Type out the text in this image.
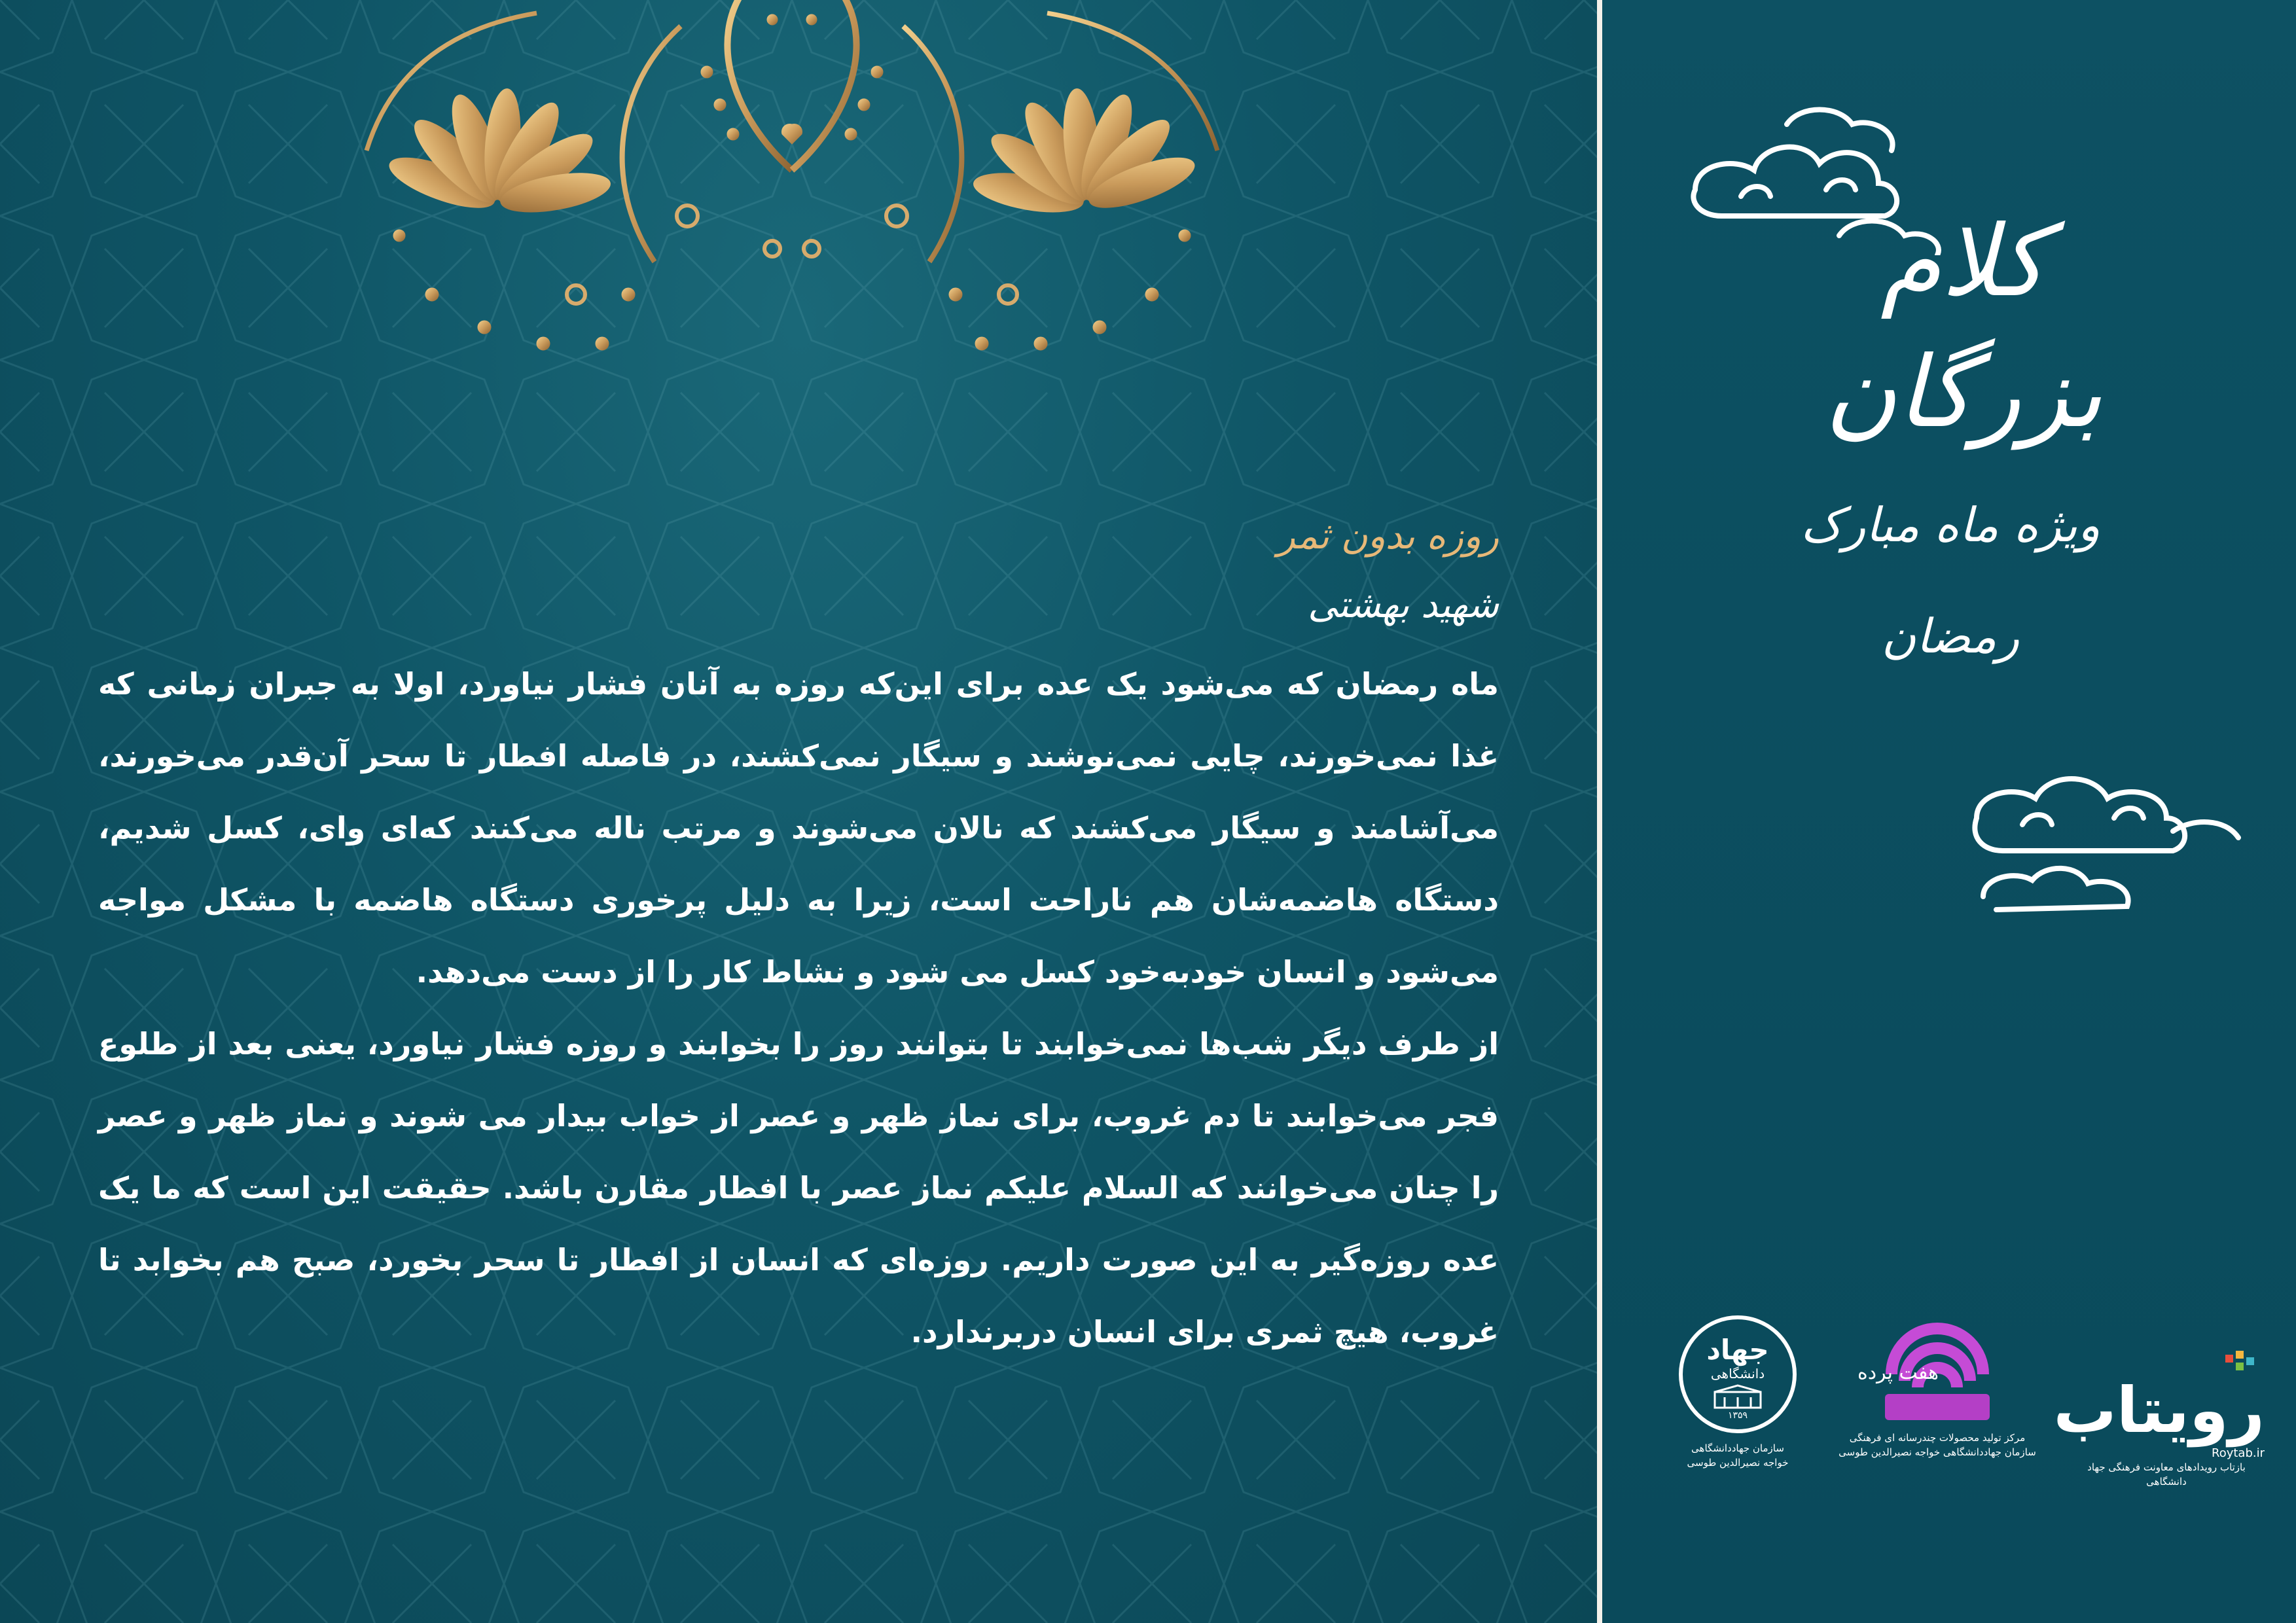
روزه بدون ثمر
شهید بهشتی

ماه رمضان که می‌شود یک عده برای این‌که روزه به آنان فشار نیاورد، اولا به جبران زمانی که غذا نمی‌خورند، چایی نمی‌نوشند و سیگار نمی‌کشند، در فاصله افطار تا سحر آن‌قدر می‌خورند، می‌آشامند و سیگار می‌کشند که نالان می‌شوند و مرتب ناله می‌کنند که‌ای وای، کسل شدیم، دستگاه هاضمه‌شان هم ناراحت است، زیرا به دلیل پرخوری دستگاه هاضمه با مشکل مواجه می‌شود و انسان خودبه‌خود کسل می شود و نشاط کار را از دست می‌دهد.

از طرف دیگر شب‌ها نمی‌خوابند تا بتوانند روز را بخوابند و روزه فشار نیاورد، یعنی بعد از طلوع فجر می‌خوابند تا دم غروب، برای نماز ظهر و عصر از خواب بیدار می شوند و نماز ظهر و عصر را چنان می‌خوانند که السلام علیکم نماز عصر با افطار مقارن باشد. حقیقت این است که ما یک عده روزه‌گیر به این صورت داریم. روزه‌ای که انسان از افطار تا سحر بخورد، صبح هم بخوابد تا غروب، هیچ ثمری برای انسان دربرندارد.

کلام بزرگان
ویژه ماه مبارک
رمضان
رویتاب
Roytab.ir
بازتاب رویدادهای معاونت فرهنگی جهاد دانشگاهی
هفت پرده
مرکز تولید محصولات چندرسانه ای فرهنگی
سازمان جهاددانشگاهی خواجه نصیرالدین طوسی
جهاد
دانشگاهی
۱۳۵۹
سازمان جهاددانشگاهی
خواجه نصیرالدین طوسی
